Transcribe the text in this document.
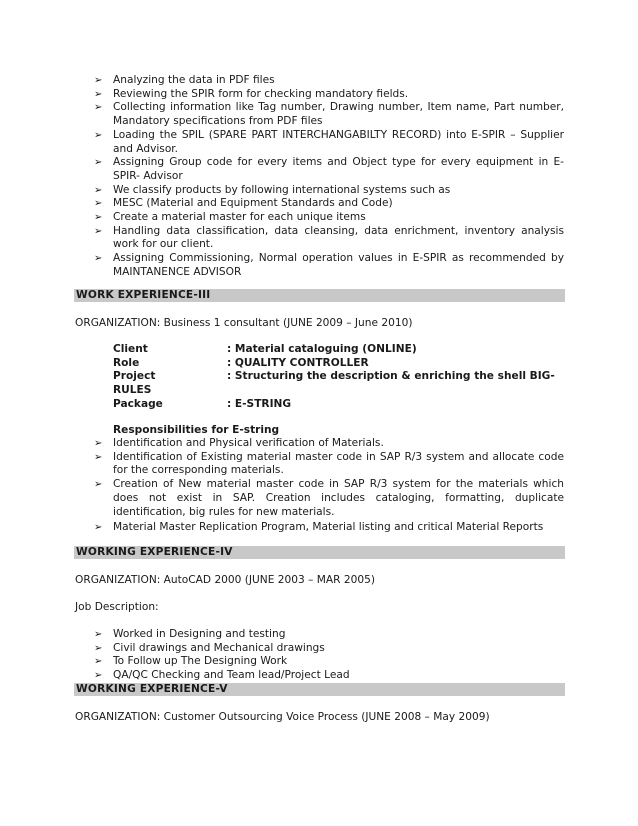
➢ Analyzing the data in PDF files
➢ Reviewing the SPIR form for checking mandatory fields.
➢ Collecting information like Tag number, Drawing number, Item name, Part number, Mandatory specifications from PDF files
➢ Loading the SPIL (SPARE PART INTERCHANGABILTY RECORD) into E-SPIR – Supplier and Advisor.
➢ Assigning Group code for every items and Object type for every equipment in E-SPIR- Advisor
➢ We classify products by following international systems such as
➢ MESC (Material and Equipment Standards and Code)
➢ Create a material master for each unique items
➢ Handling data classification, data cleansing, data enrichment, inventory analysis work for our client.
➢ Assigning Commissioning, Normal operation values in E-SPIR as recommended by MAINTANENCE ADVISOR
WORK EXPERIENCE-III
ORGANIZATION: Business 1 consultant (JUNE 2009 – June 2010)
Client	: Material cataloguing (ONLINE)
Role	: QUALITY CONTROLLER
Project	: Structuring the description & enriching the shell BIG-
RULES
Package	: E-STRING
Responsibilities for E-string
➢ Identification and Physical verification of Materials.
➢ Identification of Existing material master code in SAP R/3 system and allocate code for the corresponding materials.
➢ Creation of New material master code in SAP R/3 system for the materials which does not exist in SAP. Creation includes cataloging, formatting, duplicate identification, big rules for new materials.
➢ Material Master Replication Program, Material listing and critical Material Reports
WORKING EXPERIENCE-IV
ORGANIZATION: AutoCAD 2000 (JUNE 2003 – MAR 2005)
Job Description:
➢ Worked in Designing and testing
➢ Civil drawings and Mechanical drawings
➢ To Follow up The Designing Work
➢ QA/QC Checking and Team lead/Project Lead
WORKING EXPERIENCE-V
ORGANIZATION: Customer Outsourcing Voice Process (JUNE 2008 – May 2009)
